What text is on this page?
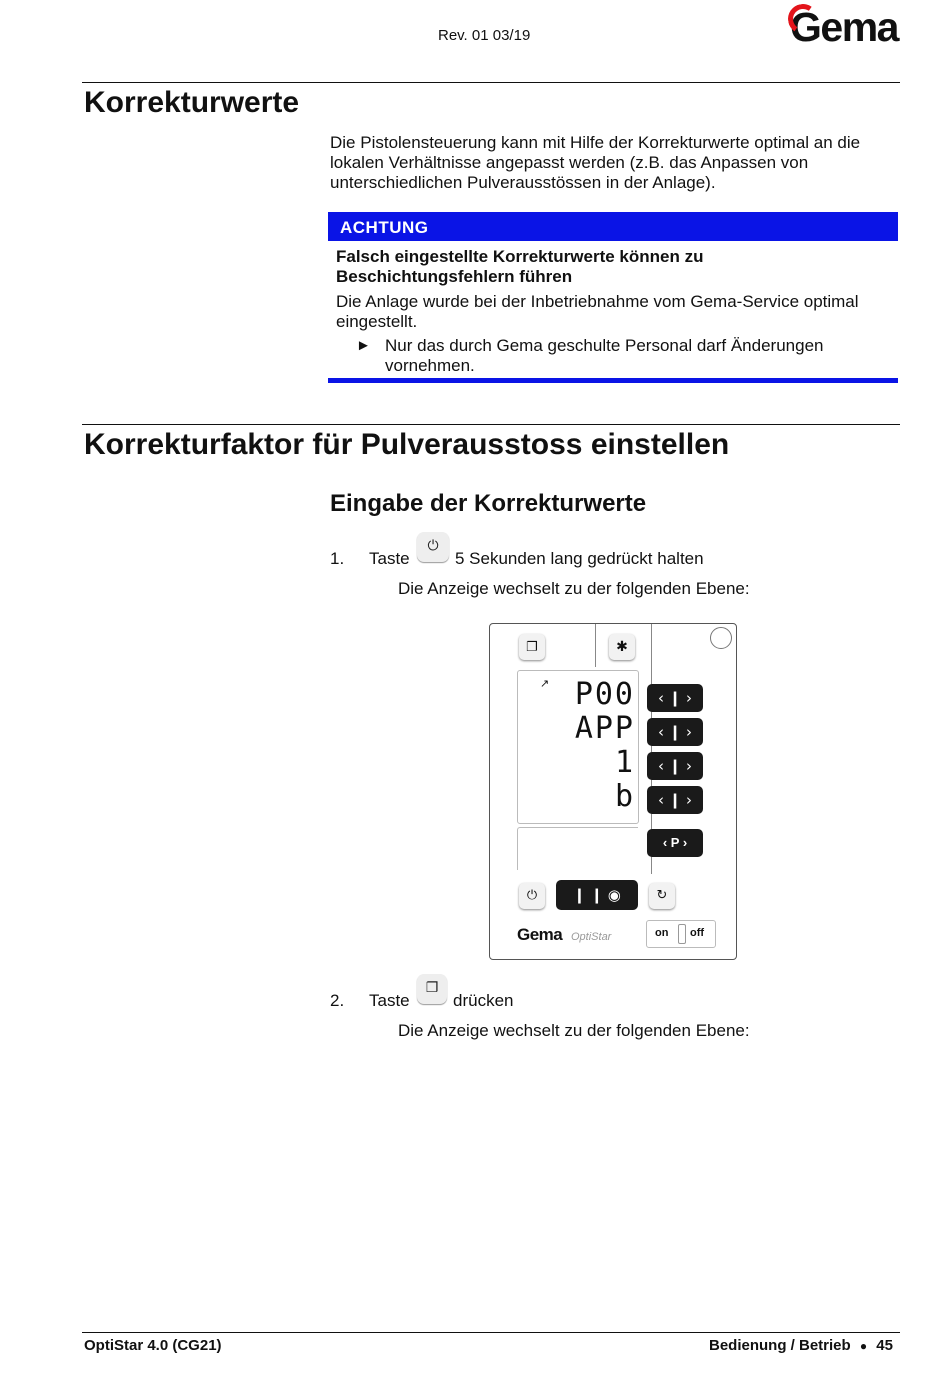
Rev. 01 03/19	Gema
Korrekturwerte
Die Pistolensteuerung kann mit Hilfe der Korrekturwerte optimal an die lokalen Verhältnisse angepasst werden (z.B. das Anpassen von unterschiedlichen Pulverausstössen in der Anlage).
ACHTUNG
Falsch eingestellte Korrekturwerte können zu Beschichtungsfehlern führen
Die Anlage wurde bei der Inbetriebnahme vom Gema-Service optimal eingestellt.
► Nur das durch Gema geschulte Personal darf Änderungen vornehmen.
Korrekturfaktor für Pulverausstoss einstellen
Eingabe der Korrekturwerte
1. Taste
⏻
5 Sekunden lang gedrückt halten
Die Anzeige wechselt zu der folgenden Ebene:
❐	✱
↗ P00
APP
1
b
‹ ❙ ›
‹ ❙ ›
‹ ❙ ›
‹ ❙ ›
‹ P ›
⏻	❙ ❙ ◉	↻
Gema OptiStar	on off
2. Taste
❐
drücken
Die Anzeige wechselt zu der folgenden Ebene:
OptiStar 4.0 (CG21)	Bedienung / Betrieb ● 45
